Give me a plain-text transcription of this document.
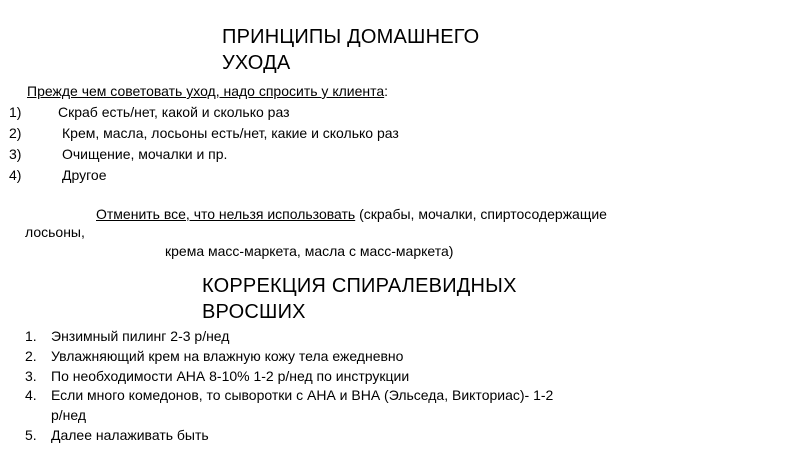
ПРИНЦИПЫ ДОМАШНЕГО
УХОДА
Прежде чем советовать уход, надо спросить у клиента:
1)	Скраб есть/нет, какой и сколько раз
2)	Крем, масла, лосьоны есть/нет, какие и сколько раз
3)	Очищение, мочалки и пр.
4)	Другое
Отменить все, что нельзя использовать (скрабы, мочалки, спиртосодержащие
лосьоны,
крема масс-маркета, масла с масс-маркета)
КОРРЕКЦИЯ СПИРАЛЕВИДНЫХ
ВРОСШИХ
1. Энзимный пилинг 2-3 р/нед
2. Увлажняющий крем на влажную кожу тела ежедневно
3. По необходимости АНА 8-10% 1-2 р/нед по инструкции
4. Если много комедонов, то сыворотки с АНА и ВНА (Эльседа, Викториас)- 1-2
р/нед
5. Далее налаживать быть
